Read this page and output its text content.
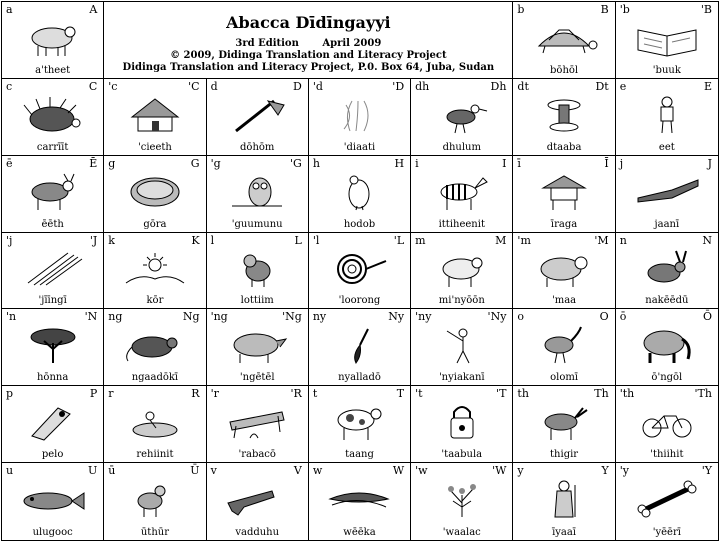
Abacca Dīdīngayyi
3rd Edition April 2009
© 2009, Didinga Translation and Literacy Project
Didinga Translation and Literacy Project, P.0. Box 64, Juba, Sudan
a	A
aꞌtheet
b	B
bōhōl
ꞌb	ꞌB
ꞌbuuk
c	C
carrīīt
ꞌc	ꞌC
ꞌcieeth
d	D
dōhōm
ꞌd	ꞌD
ꞌdiaati
dh	Dh
dhulum
dt	Dt
dtaaba
e	E
eet
ē	Ē
ēēth
g	G
gōra
ꞌg	ꞌG
ꞌguumunu
h	H
hodob
i	I
ittiheenit
ī	Ī
īraga
j	J
jaanī
ꞌj	ꞌJ
ꞌjīīngī
k	K
kōr
l	L
lottiim
ꞌl	ꞌL
ꞌloorong
m	M
miꞌnyōōn
ꞌm	ꞌM
ꞌmaa
n	N
nakēēdū
ꞌn	ꞌN
hōnna
ng	Ng
ngaadōkī
ꞌng	ꞌNg
ꞌngētēl
ny	Ny
nyalladō
ꞌny	ꞌNy
ꞌnyiakanī
o	O
olomī
ō	Ō
ōꞌngōl
p	P
pelo
r	R
rehiinit
ꞌr	ꞌR
ꞌrabacō
t	T
taang
ꞌt	ꞌT
ꞌtaabula
th	Th
thigir
ꞌth	ꞌTh
ꞌthiihit
u	U
ulugooc
ū	Ū
ūthūr
v	V
vadduhu
w	W
wēēka
ꞌw	ꞌW
ꞌwaalac
y	Y
īyaaī
ꞌy	ꞌY
ꞌyēērī
